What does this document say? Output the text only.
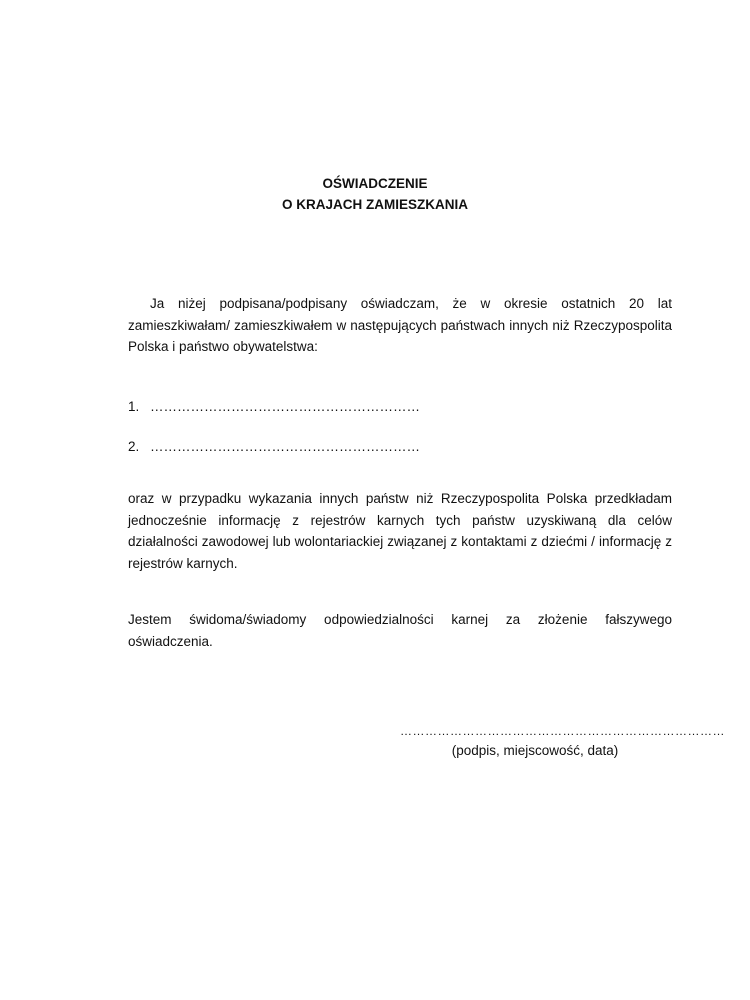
OŚWIADCZENIE
O KRAJACH ZAMIESZKANIA
Ja niżej podpisana/podpisany oświadczam, że w okresie ostatnich 20 lat zamieszkiwałam/ zamieszkiwałem w następujących państwach innych niż Rzeczypospolita Polska i państwo obywatelstwa:
1. ……………………………………………………
2. ……………………………………………………
oraz w przypadku wykazania innych państw niż Rzeczypospolita Polska przedkładam jednocześnie informację z rejestrów karnych tych państw uzyskiwaną dla celów działalności zawodowej lub wolontariackiej związanej z kontaktami z dziećmi / informację z rejestrów karnych.
Jestem świdoma/świadomy odpowiedzialności karnej za złożenie fałszywego oświadczenia.
……………………………………………………………………
(podpis, miejscowość, data)
